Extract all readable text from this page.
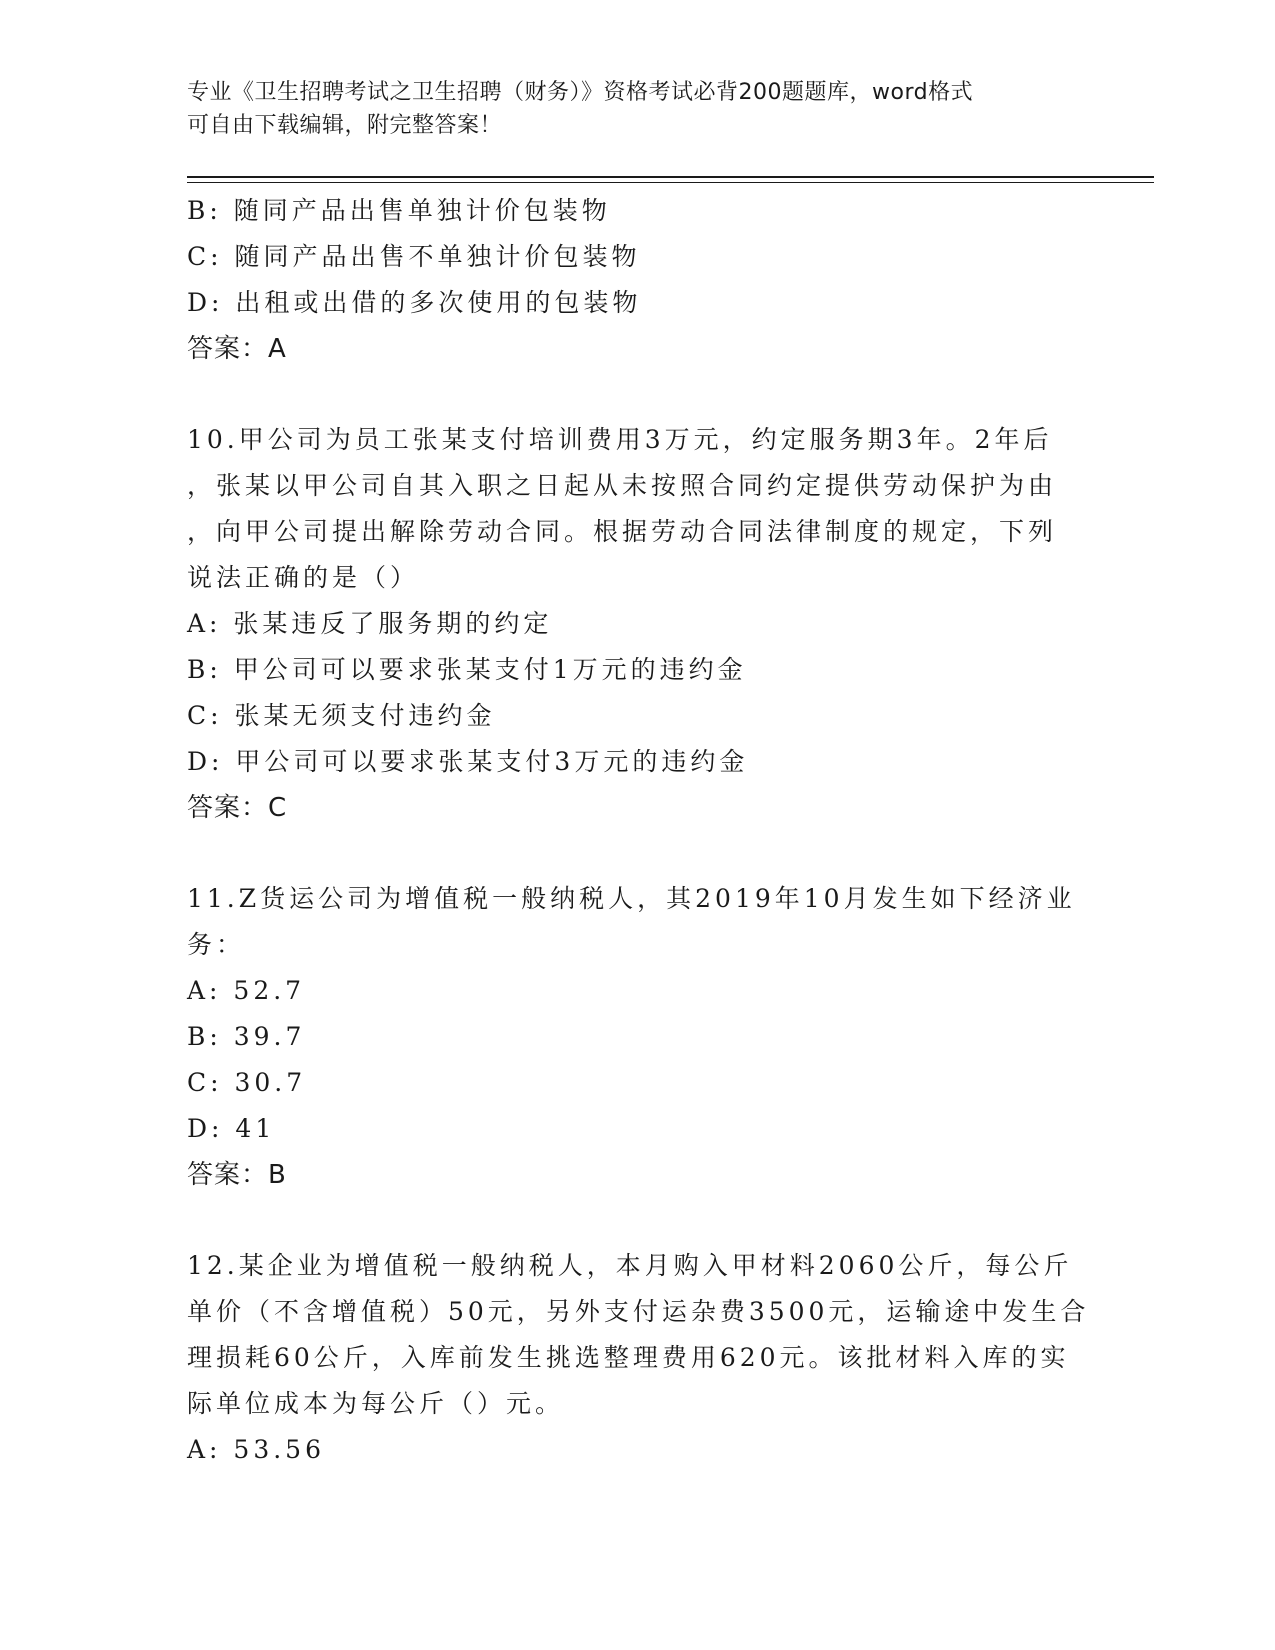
专业《卫生招聘考试之卫生招聘（财务）》资格考试必背200题题库，word格式
可自由下载编辑，附完整答案！
B: 随同产品出售单独计价包装物
C: 随同产品出售不单独计价包装物
D: 出租或出借的多次使用的包装物
答案：A
10.甲公司为员工张某支付培训费用3万元，约定服务期3年。2年后
，张某以甲公司自其入职之日起从未按照合同约定提供劳动保护为由
，向甲公司提出解除劳动合同。根据劳动合同法律制度的规定，下列
说法正确的是（）
A: 张某违反了服务期的约定
B: 甲公司可以要求张某支付1万元的违约金
C: 张某无须支付违约金
D: 甲公司可以要求张某支付3万元的违约金
答案：C
11.Z货运公司为增值税一般纳税人，其2019年10月发生如下经济业
务：
A: 52.7
B: 39.7
C: 30.7
D: 41
答案：B
12.某企业为增值税一般纳税人，本月购入甲材料2060公斤，每公斤
单价（不含增值税）50元，另外支付运杂费3500元，运输途中发生合
理损耗60公斤，入库前发生挑选整理费用620元。该批材料入库的实
际单位成本为每公斤（）元。
A: 53.56
